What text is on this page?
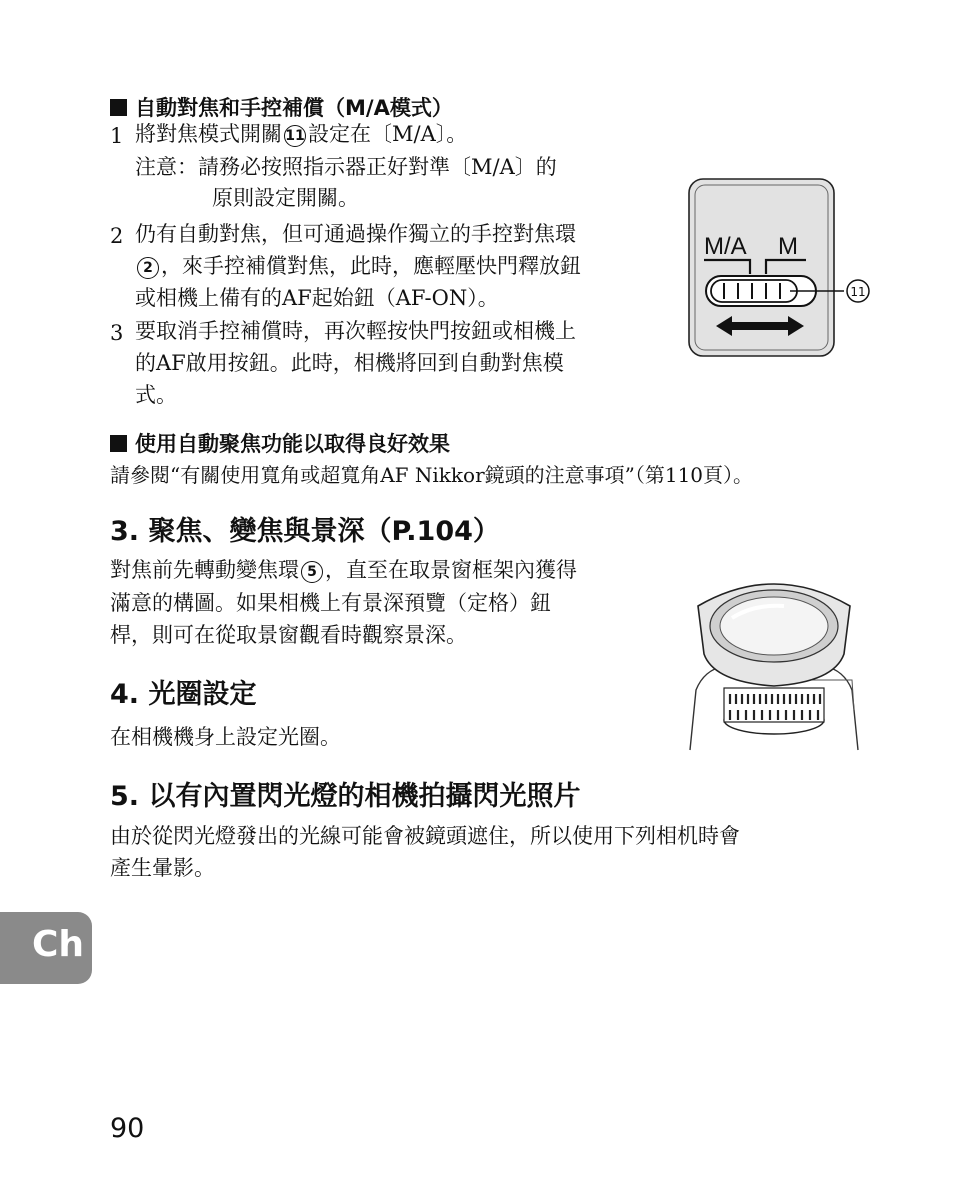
自動對焦和手控補償（M/A模式）
1 將對焦模式開關 11 設定在〔M/A〕。
注意：請務必按照指示器正好對準〔M/A〕的
原則設定開關。
2 仍有自動對焦，但可通過操作獨立的手控對焦環
2 ，來手控補償對焦，此時，應輕壓快門釋放鈕
或相機上備有的AF起始鈕（AF-ON）。
3 要取消手控補償時，再次輕按快門按鈕或相機上
的AF啟用按鈕。此時，相機將回到自動對焦模
式。
M/A M
11
使用自動聚焦功能以取得良好效果
請參閱“有關使用寬角或超寬角AF Nikkor鏡頭的注意事項”（第110頁）。
3. 聚焦、變焦與景深（P.104）
對焦前先轉動變焦環 5 ，直至在取景窗框架內獲得
滿意的構圖。如果相機上有景深預覽（定格）鈕
桿，則可在從取景窗觀看時觀察景深。
4. 光圈設定
在相機機身上設定光圈。
5. 以有內置閃光燈的相機拍攝閃光照片
由於從閃光燈發出的光線可能會被鏡頭遮住，所以使用下列相机時會
產生暈影。
Ch
90
